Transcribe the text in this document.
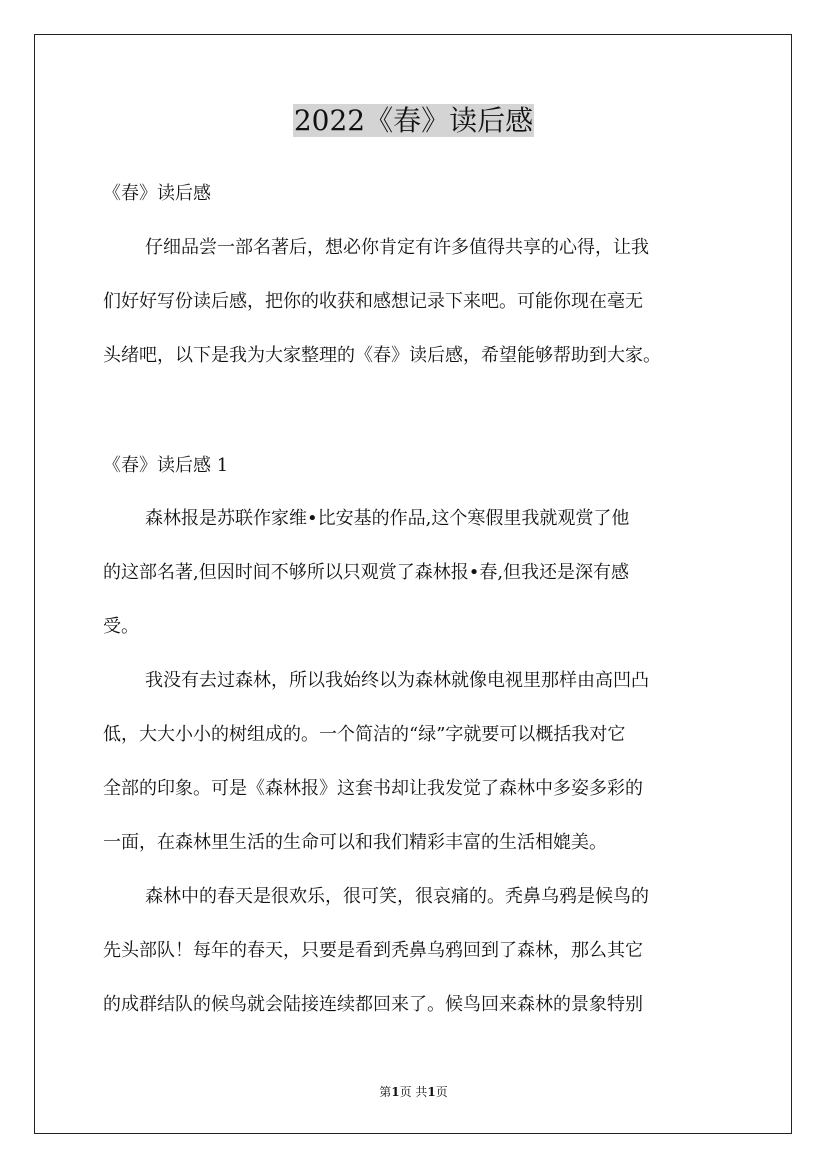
2022《春》读后感
《春》读后感
仔细品尝一部名著后，想必你肯定有许多值得共享的心得，让我
们好好写份读后感，把你的收获和感想记录下来吧。可能你现在毫无
头绪吧，以下是我为大家整理的《春》读后感，希望能够帮助到大家。
《春》读后感 1
森林报是苏联作家维•比安基的作品,这个寒假里我就观赏了他
的这部名著,但因时间不够所以只观赏了森林报•春,但我还是深有感
受。
我没有去过森林，所以我始终以为森林就像电视里那样由高凹凸
低，大大小小的树组成的。一个简洁的“绿”字就要可以概括我对它
全部的印象。可是《森林报》这套书却让我发觉了森林中多姿多彩的
一面，在森林里生活的生命可以和我们精彩丰富的生活相媲美。
森林中的春天是很欢乐，很可笑，很哀痛的。秃鼻乌鸦是候鸟的
先头部队！每年的春天，只要是看到秃鼻乌鸦回到了森林，那么其它
的成群结队的候鸟就会陆接连续都回来了。候鸟回来森林的景象特别
第1页 共1页
